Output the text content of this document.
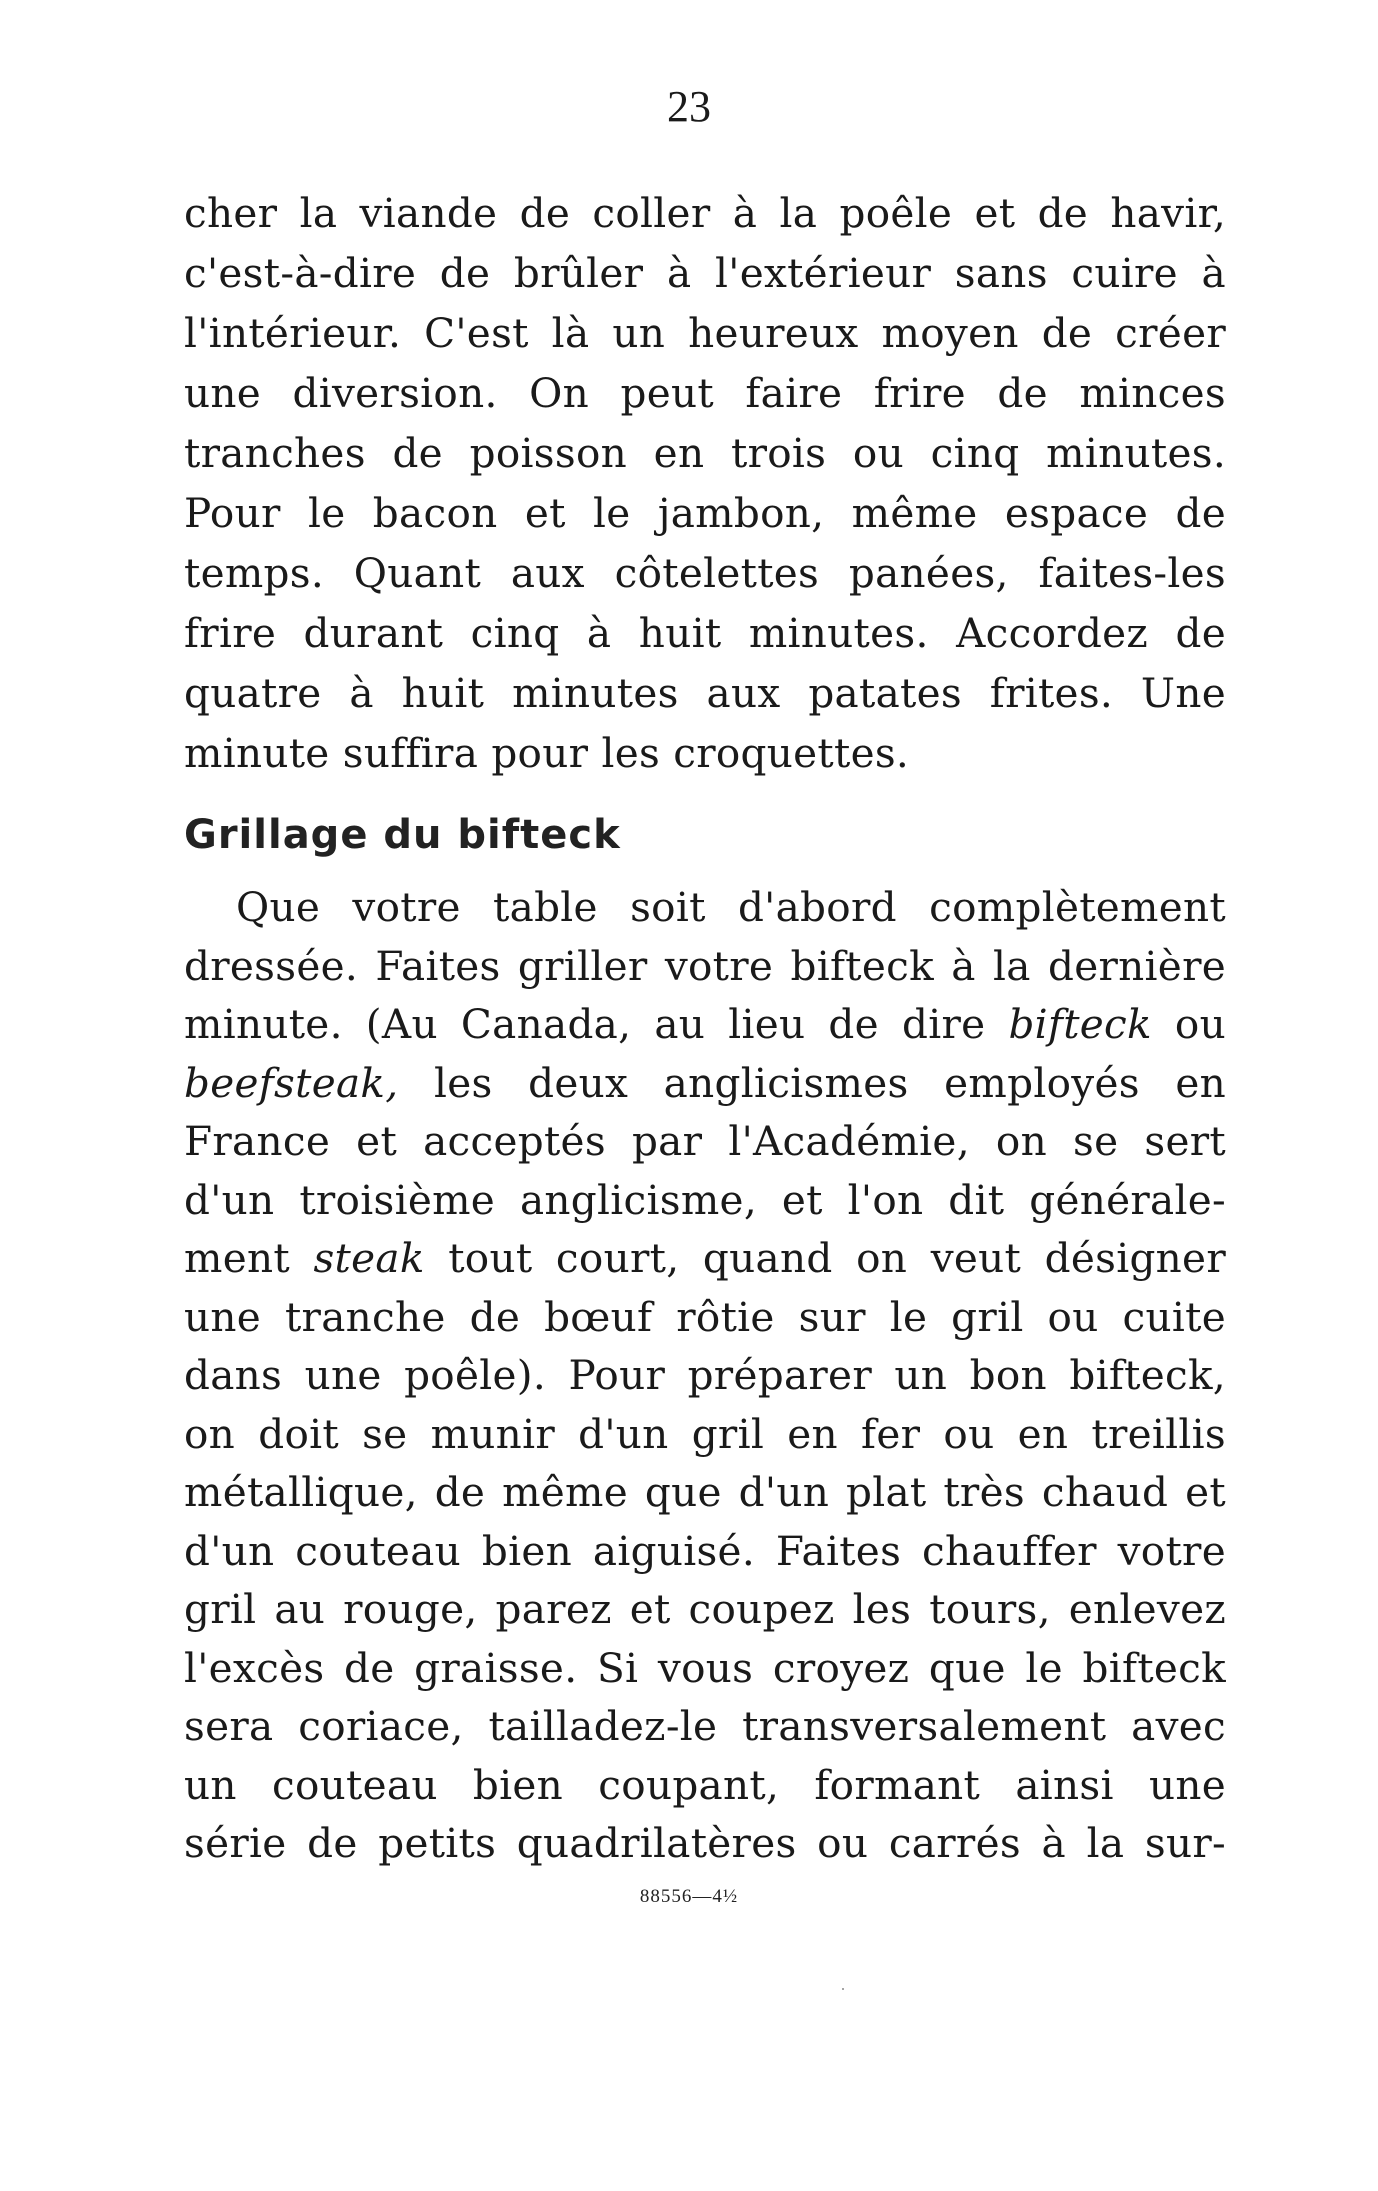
23
cher la viande de coller à la poêle et de havir,
c'est-à-dire de brûler à l'extérieur sans cuire à
l'intérieur. C'est là un heureux moyen de créer
une diversion. On peut faire frire de minces
tranches de poisson en trois ou cinq minutes.
Pour le bacon et le jambon, même espace de
temps. Quant aux côtelettes panées, faites-les
frire durant cinq à huit minutes. Accordez de
quatre à huit minutes aux patates frites. Une
minute suffira pour les croquettes.
Grillage du bifteck
Que votre table soit d'abord complètement
dressée. Faites griller votre bifteck à la dernière
minute. (Au Canada, au lieu de dire bifteck ou
beefsteak, les deux anglicismes employés en
France et acceptés par l'Académie, on se sert
d'un troisième anglicisme, et l'on dit générale-
ment steak tout court, quand on veut désigner
une tranche de bœuf rôtie sur le gril ou cuite
dans une poêle). Pour préparer un bon bifteck,
on doit se munir d'un gril en fer ou en treillis
métallique, de même que d'un plat très chaud et
d'un couteau bien aiguisé. Faites chauffer votre
gril au rouge, parez et coupez les tours, enlevez
l'excès de graisse. Si vous croyez que le bifteck
sera coriace, tailladez-le transversalement avec
un couteau bien coupant, formant ainsi une
série de petits quadrilatères ou carrés à la sur-
88556—4½
